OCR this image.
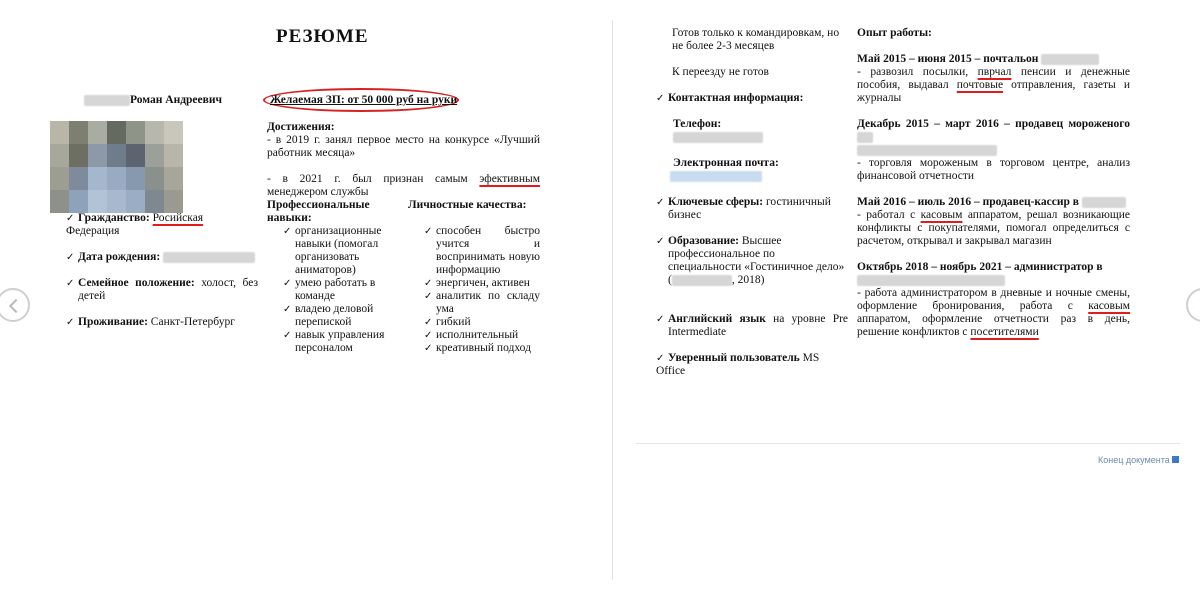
РЕЗЮМЕ
Роман Андреевич	Желаемая ЗП: от 50 000 руб на руки
✓ Гражданство: Росийская Федерация
✓ Дата рождения:
✓ Семейное положение: холост, без детей
✓ Проживание: Санкт-Петербург
Достижения:
- в 2019 г. занял первое место на конкурсе «Лучший работник месяца»
- в 2021 г. был признан самым эфективным менеджером службы
Профессиональные
навыки:
✓ организационные навыки (помогал организовать аниматоров)
✓ умею работать в команде
✓ владею деловой перепиской
✓ навык управления персоналом
Личностные качества:
✓ способен быстро учится и воспринимать новую информацию
✓ энергичен, активен
✓ аналитик по складу ума
✓ гибкий
✓ исполнительный
✓ креативный подход
Готов только к командировкам, но не более 2-3 месяцев
К переезду не готов
✓ Контактная информация:
Телефон:
Электронная почта:
✓ Ключевые сферы: гостиничный бизнес
✓ Образование: Высшее профессиональное по специальности «Гостиничное дело»
(	, 2018)
✓ Английский язык на уровне Pre Intermediate
✓ Уверенный пользователь MS Office
Опыт работы:
Май 2015 – июня 2015 – почтальон
- развозил посылки, пврчал пенсии и денежные пособия, выдавал почтовые отправления, газеты и журналы
Декабрь 2015 – март 2016 – продавец мороженого

- торговля мороженым в торговом центре, анализ финансовой отчетности
Май 2016 – июль 2016 – продавец-кассир в
- работал с касовым аппаратом, решал возникающие конфликты с покупателями, помогал определиться с расчетом, открывал и закрывал магазин
Октябрь 2018 – ноябрь 2021 – администратор в

- работа администратором в дневные и ночные смены, оформление бронирования, работа с касовым аппаратом, оформление отчетности раз в день, решение конфликтов с посетителями
Конец документа
